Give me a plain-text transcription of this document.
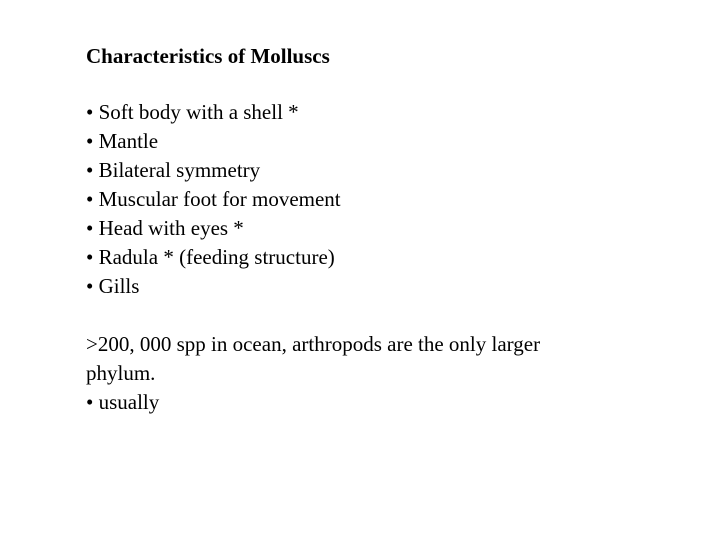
Characteristics of Molluscs
• Soft body with a shell *
• Mantle
• Bilateral symmetry
• Muscular foot for movement
• Head with eyes *
• Radula * (feeding structure)
• Gills
>200, 000 spp in ocean, arthropods are the only larger
phylum.
• usually
